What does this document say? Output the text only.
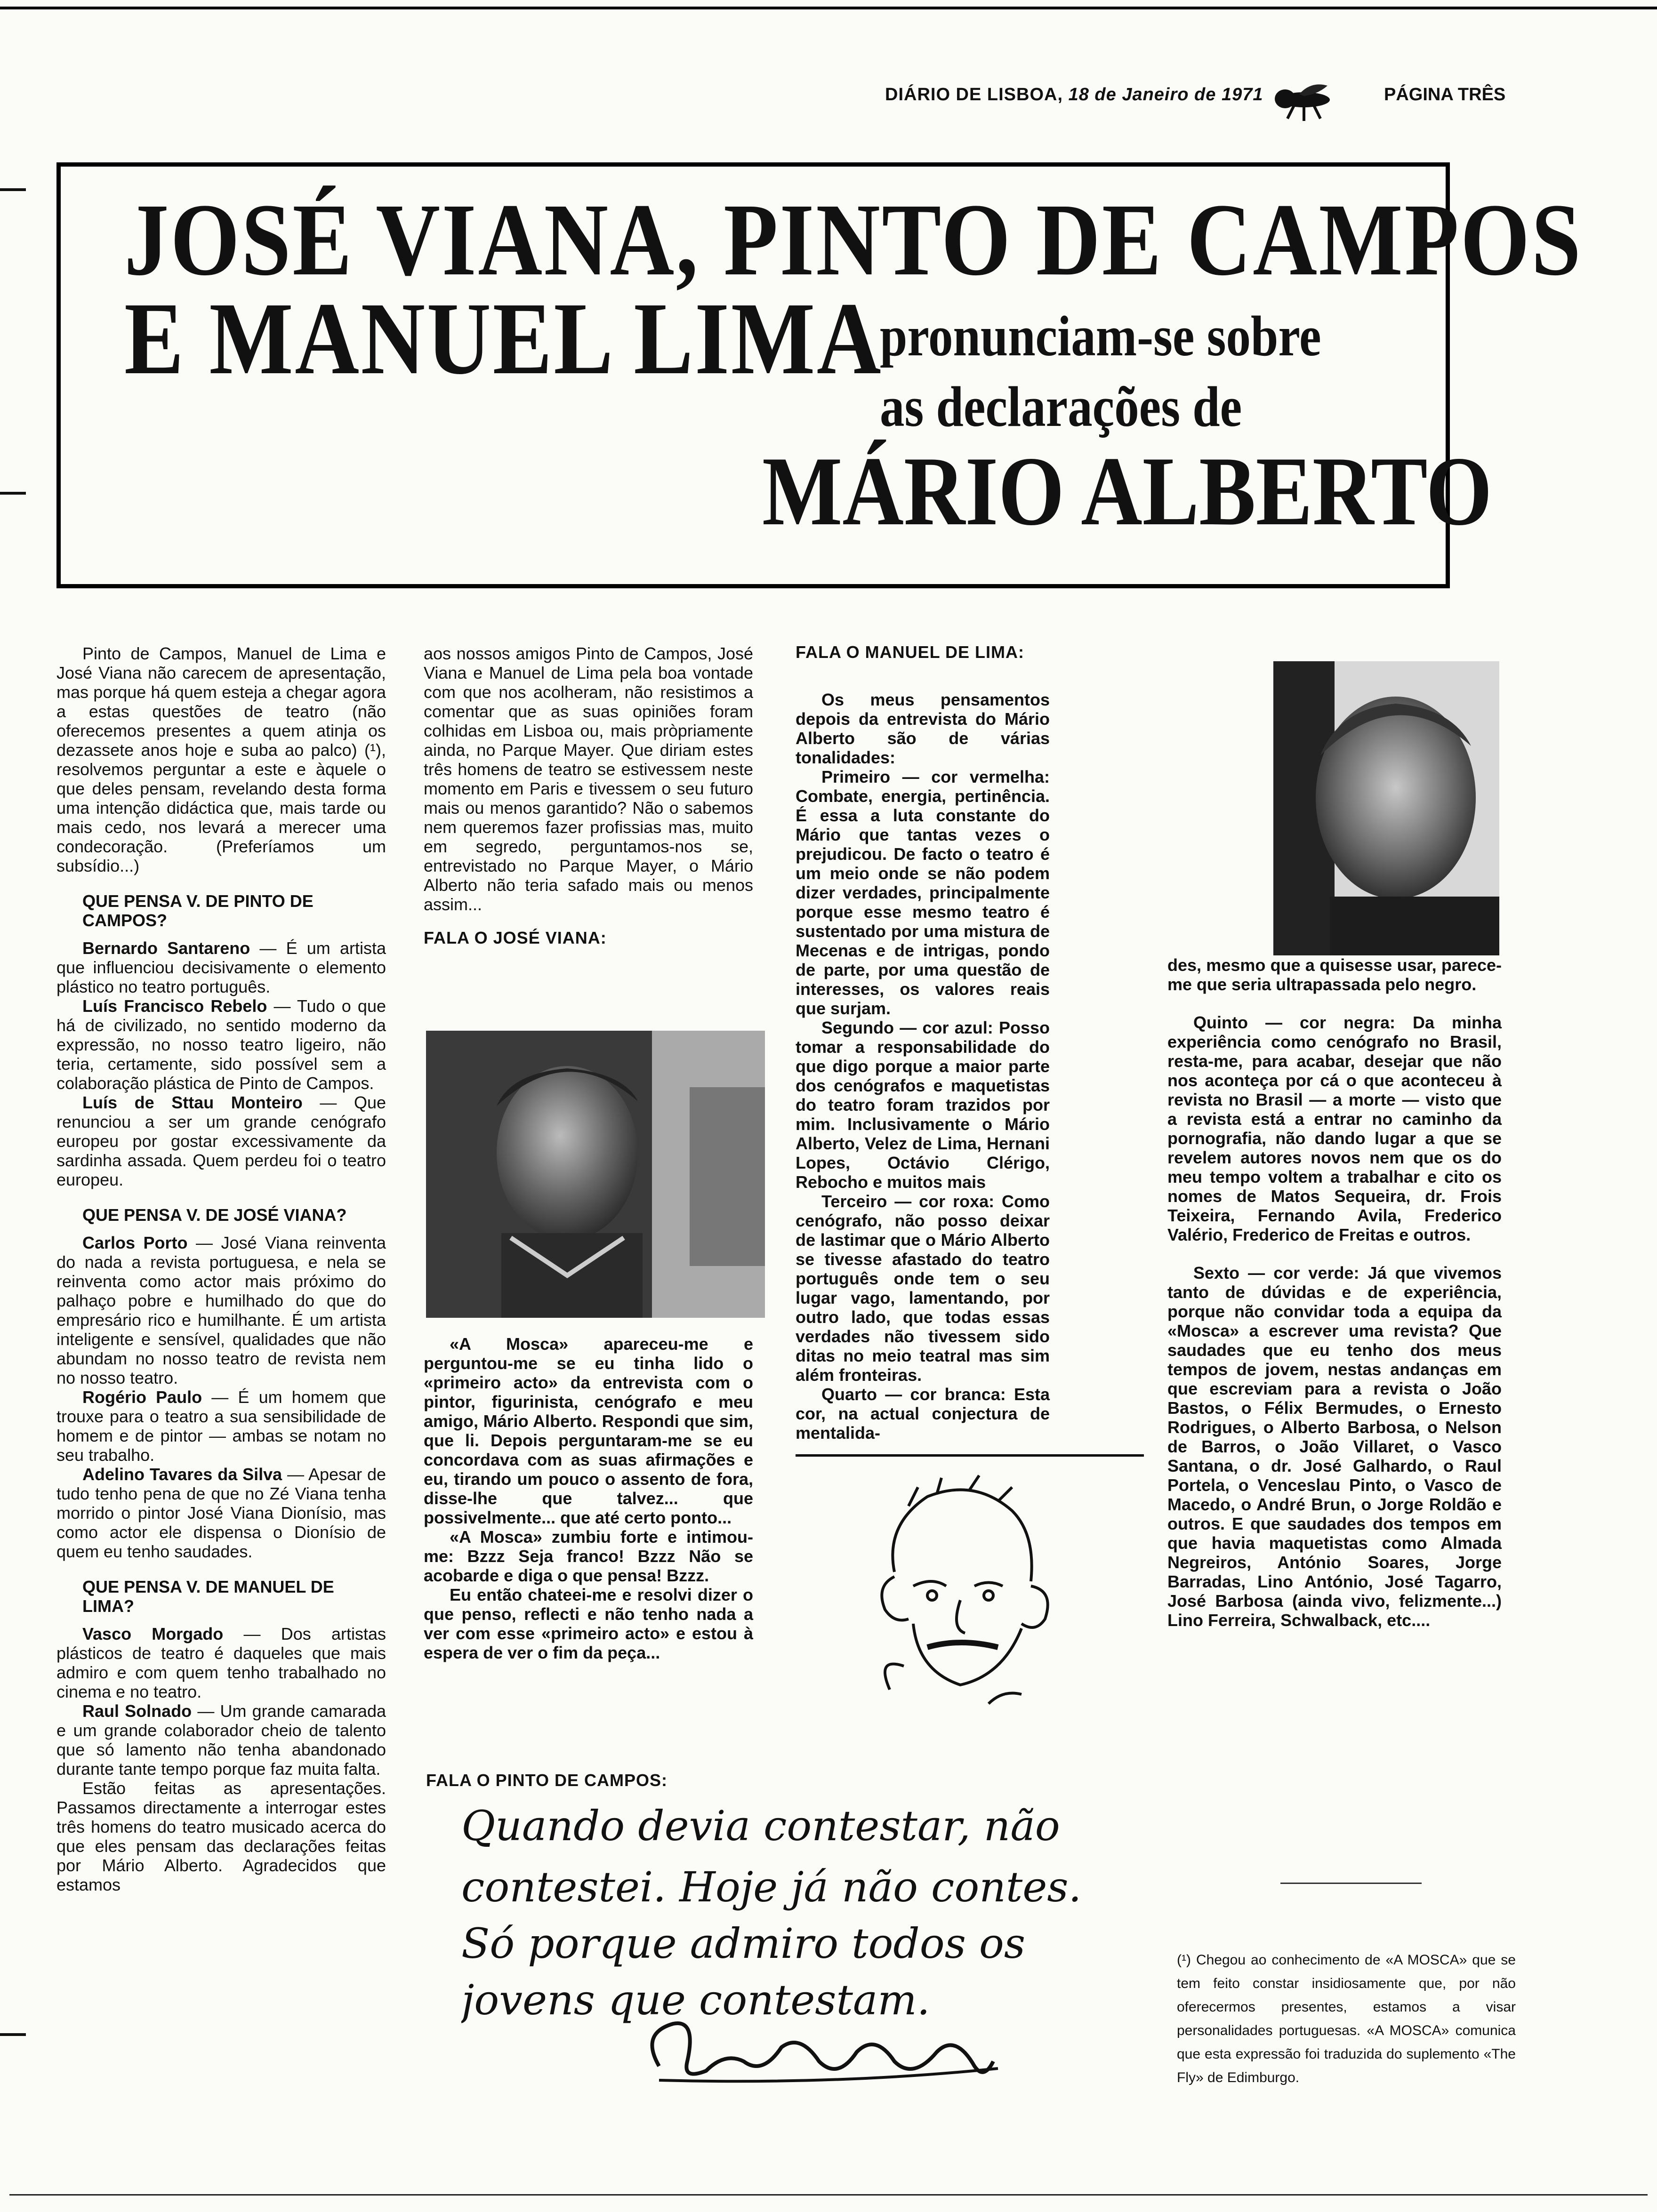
DIÁRIO DE LISBOA, 18 de Janeiro de 1971	PÁGINA TRÊS
JOSÉ VIANA, PINTO DE CAMPOS
E MANUEL LIMA
pronunciam-se sobre
as declarações de
MÁRIO ALBERTO

Pinto de Campos, Manuel de Lima e José Viana não carecem de apresentação, mas porque há quem esteja a chegar agora a estas questões de teatro (não oferecemos presentes a quem atinja os dezassete anos hoje e suba ao palco) (¹), resolvemos perguntar a este e àquele o que deles pensam, revelando desta forma uma intenção didáctica que, mais tarde ou mais cedo, nos levará a merecer uma condecoração. (Preferíamos um subsídio...)

QUE PENSA V. DE PINTO DE CAMPOS?

Bernardo Santareno — É um artista que influenciou decisivamente o elemento plástico no teatro português.

Luís Francisco Rebelo — Tudo o que há de civilizado, no sentido moderno da expressão, no nosso teatro ligeiro, não teria, certamente, sido possível sem a colaboração plástica de Pinto de Campos.

Luís de Sttau Monteiro — Que renunciou a ser um grande cenógrafo europeu por gostar excessivamente da sardinha assada. Quem perdeu foi o teatro europeu.

QUE PENSA V. DE JOSÉ VIANA?

Carlos Porto — José Viana reinventa do nada a revista portuguesa, e nela se reinventa como actor mais próximo do palhaço pobre e humilhado do que do empresário rico e humilhante. É um artista inteligente e sensível, qualidades que não abundam no nosso teatro de revista nem no nosso teatro.

Rogério Paulo — É um homem que trouxe para o teatro a sua sensibilidade de homem e de pintor — ambas se notam no seu trabalho.

Adelino Tavares da Silva — Apesar de tudo tenho pena de que no Zé Viana tenha morrido o pintor José Viana Dionísio, mas como actor ele dispensa o Dionísio de quem eu tenho saudades.

QUE PENSA V. DE MANUEL DE LIMA?

Vasco Morgado — Dos artistas plásticos de teatro é daqueles que mais admiro e com quem tenho trabalhado no cinema e no teatro.

Raul Solnado — Um grande camarada e um grande colaborador cheio de talento que só lamento não tenha abandonado durante tante tempo porque faz muita falta.

Estão feitas as apresentações. Passamos directamente a interrogar estes três homens do teatro musicado acerca do que eles pensam das declarações feitas por Mário Alberto. Agradecidos que estamos

aos nossos amigos Pinto de Campos, José Viana e Manuel de Lima pela boa vontade com que nos acolheram, não resistimos a comentar que as suas opiniões foram colhidas em Lisboa ou, mais pròpriamente ainda, no Parque Mayer. Que diriam estes três homens de teatro se estivessem neste momento em Paris e tivessem o seu futuro mais ou menos garantido? Não o sabemos nem queremos fazer profissias mas, muito em segredo, perguntamos-nos se, entrevistado no Parque Mayer, o Mário Alberto não teria safado mais ou menos assim...

FALA O JOSÉ VIANA:

«A Mosca» apareceu-me e perguntou-me se eu tinha lido o «primeiro acto» da entrevista com o pintor, figurinista, cenógrafo e meu amigo, Mário Alberto. Respondi que sim, que li. Depois perguntaram-me se eu concordava com as suas afirmações e eu, tirando um pouco o assento de fora, disse-lhe que talvez... que possivelmente... que até certo ponto...

«A Mosca» zumbiu forte e intimou-me: Bzzz Seja franco! Bzzz Não se acobarde e diga o que pensa! Bzzz.

Eu então chateei-me e resolvi dizer o que penso, reflecti e não tenho nada a ver com esse «primeiro acto» e estou à espera de ver o fim da peça...

FALA O PINTO DE CAMPOS:
Quando devia contestar, não
contestei. Hoje já não contes.
Só porque admiro todos os
jovens que contestam.
FALA O MANUEL DE LIMA:

Os meus pensamentos depois da entrevista do Mário Alberto são de várias tonalidades:

Primeiro — cor vermelha: Combate, energia, pertinência. É essa a luta constante do Mário que tantas vezes o prejudicou. De facto o teatro é um meio onde se não podem dizer verdades, principalmente porque esse mesmo teatro é sustentado por uma mistura de Mecenas e de intrigas, pondo de parte, por uma questão de interesses, os valores reais que surjam.

Segundo — cor azul: Posso tomar a responsabilidade do que digo porque a maior parte dos cenógrafos e maquetistas do teatro foram trazidos por mim. Inclusivamente o Mário Alberto, Velez de Lima, Hernani Lopes, Octávio Clérigo, Rebocho e muitos mais

Terceiro — cor roxa: Como cenógrafo, não posso deixar de lastimar que o Mário Alberto se tivesse afastado do teatro português onde tem o seu lugar vago, lamentando, por outro lado, que todas essas verdades não tivessem sido ditas no meio teatral mas sim além fronteiras.

Quarto — cor branca: Esta cor, na actual conjectura de mentalida-

des, mesmo que a quisesse usar, parece-me que seria ultrapassada pelo negro.

Quinto — cor negra: Da minha experiência como cenógrafo no Brasil, resta-me, para acabar, desejar que não nos aconteça por cá o que aconteceu à revista no Brasil — a morte — visto que a revista está a entrar no caminho da pornografia, não dando lugar a que se revelem autores novos nem que os do meu tempo voltem a trabalhar e cito os nomes de Matos Sequeira, dr. Frois Teixeira, Fernando Avila, Frederico Valério, Frederico de Freitas e outros.

Sexto — cor verde: Já que vivemos tanto de dúvidas e de experiência, porque não convidar toda a equipa da «Mosca» a escrever uma revista? Que saudades que eu tenho dos meus tempos de jovem, nestas andanças em que escreviam para a revista o João Bastos, o Félix Bermudes, o Ernesto Rodrigues, o Alberto Barbosa, o Nelson de Barros, o João Villaret, o Vasco Santana, o dr. José Galhardo, o Raul Portela, o Venceslau Pinto, o Vasco de Macedo, o André Brun, o Jorge Roldão e outros. E que saudades dos tempos em que havia maquetistas como Almada Negreiros, António Soares, Jorge Barradas, Lino António, José Tagarro, José Barbosa (ainda vivo, felizmente...) Lino Ferreira, Schwalback, etc....

(¹) Chegou ao conhecimento de «A MOSCA» que se tem feito constar insidiosamente que, por não oferecermos presentes, estamos a visar personalidades portuguesas. «A MOSCA» comunica que esta expressão foi traduzida do suplemento «The Fly» de Edimburgo.
